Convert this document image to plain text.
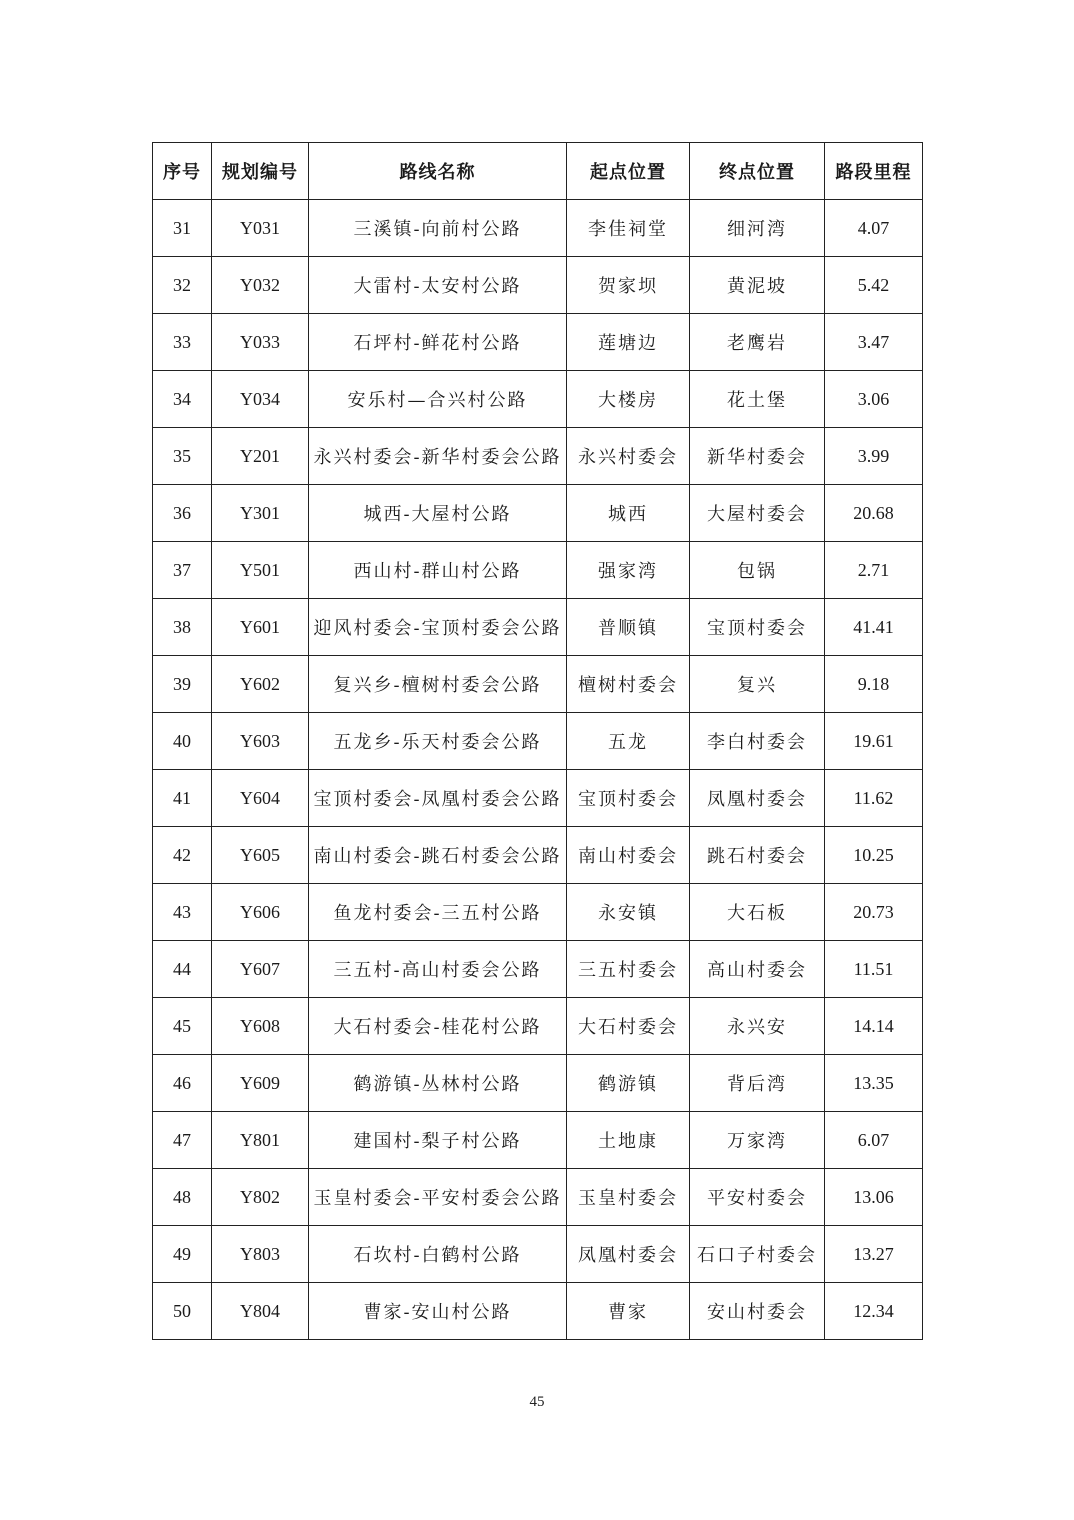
序号	规划编号	路线名称	起点位置	终点位置	路段里程
31	Y031	三溪镇-向前村公路	李佳祠堂	细河湾	4.07
32	Y032	大雷村-太安村公路	贺家坝	黄泥坡	5.42
33	Y033	石坪村-鲜花村公路	莲塘边	老鹰岩	3.47
34	Y034	安乐村—合兴村公路	大楼房	花土堡	3.06
35	Y201	永兴村委会-新华村委会公路	永兴村委会	新华村委会	3.99
36	Y301	城西-大屋村公路	城西	大屋村委会	20.68
37	Y501	西山村-群山村公路	强家湾	包锅	2.71
38	Y601	迎风村委会-宝顶村委会公路	普顺镇	宝顶村委会	41.41
39	Y602	复兴乡-檀树村委会公路	檀树村委会	复兴	9.18
40	Y603	五龙乡-乐天村委会公路	五龙	李白村委会	19.61
41	Y604	宝顶村委会-凤凰村委会公路	宝顶村委会	凤凰村委会	11.62
42	Y605	南山村委会-跳石村委会公路	南山村委会	跳石村委会	10.25
43	Y606	鱼龙村委会-三五村公路	永安镇	大石板	20.73
44	Y607	三五村-高山村委会公路	三五村委会	高山村委会	11.51
45	Y608	大石村委会-桂花村公路	大石村委会	永兴安	14.14
46	Y609	鹤游镇-丛林村公路	鹤游镇	背后湾	13.35
47	Y801	建国村-梨子村公路	土地康	万家湾	6.07
48	Y802	玉皇村委会-平安村委会公路	玉皇村委会	平安村委会	13.06
49	Y803	石坎村-白鹤村公路	凤凰村委会	石口子村委会	13.27
50	Y804	曹家-安山村公路	曹家	安山村委会	12.34
45
